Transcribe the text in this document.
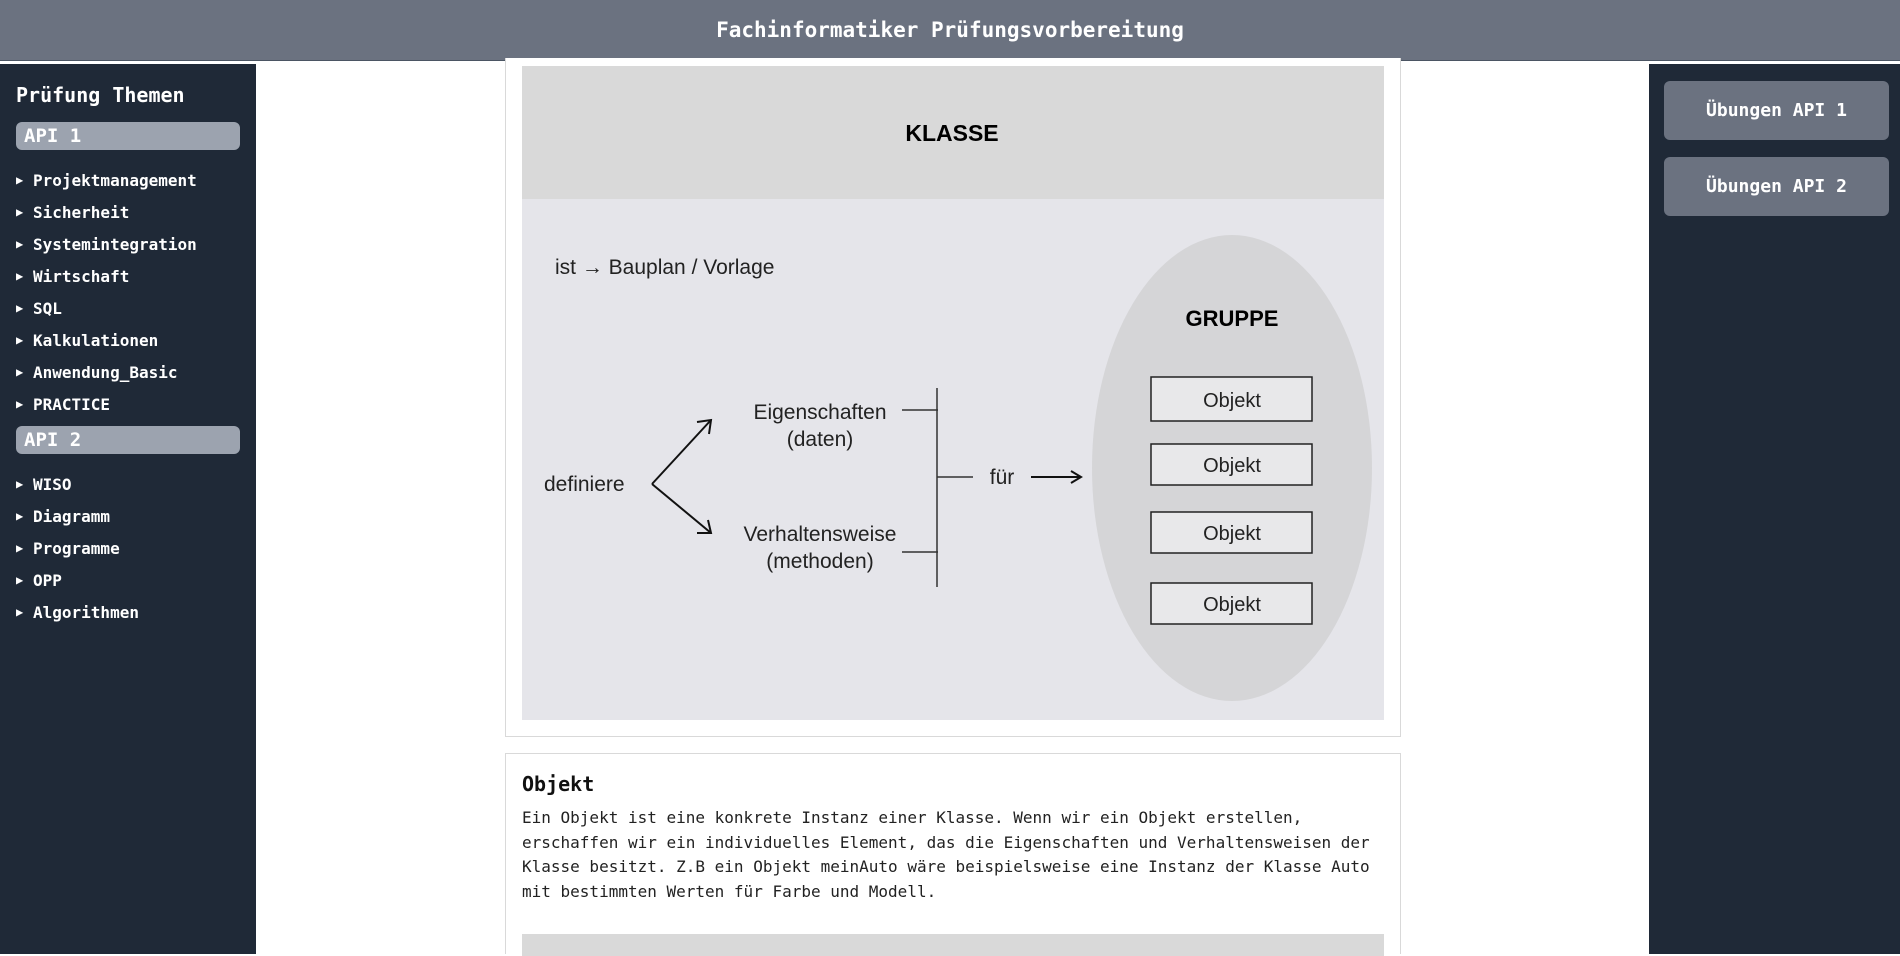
Fachinformatiker Prüfungsvorbereitung
Prüfung Themen
API 1
▶ Projektmanagement
▶ Sicherheit
▶ Systemintegration
▶ Wirtschaft
▶ SQL
▶ Kalkulationen
▶ Anwendung_Basic
▶ PRACTICE
API 2
▶ WISO
▶ Diagramm
▶ Programme
▶ OPP
▶ Algorithmen
Übungen API 1
Übungen API 2
KLASSE
ist → Bauplan / Vorlage
definiere
Eigenschaften
(daten)
Verhaltensweise
(methoden)
für
GRUPPE
Objekt
Objekt
Objekt
Objekt
Objekt

Ein Objekt ist eine konkrete Instanz einer Klasse. Wenn wir ein Objekt erstellen, erschaffen wir ein individuelles Element, das die Eigenschaften und Verhaltensweisen der Klasse besitzt. Z.B ein Objekt meinAuto wäre beispielsweise eine Instanz der Klasse Auto mit bestimmten Werten für Farbe und Modell.
